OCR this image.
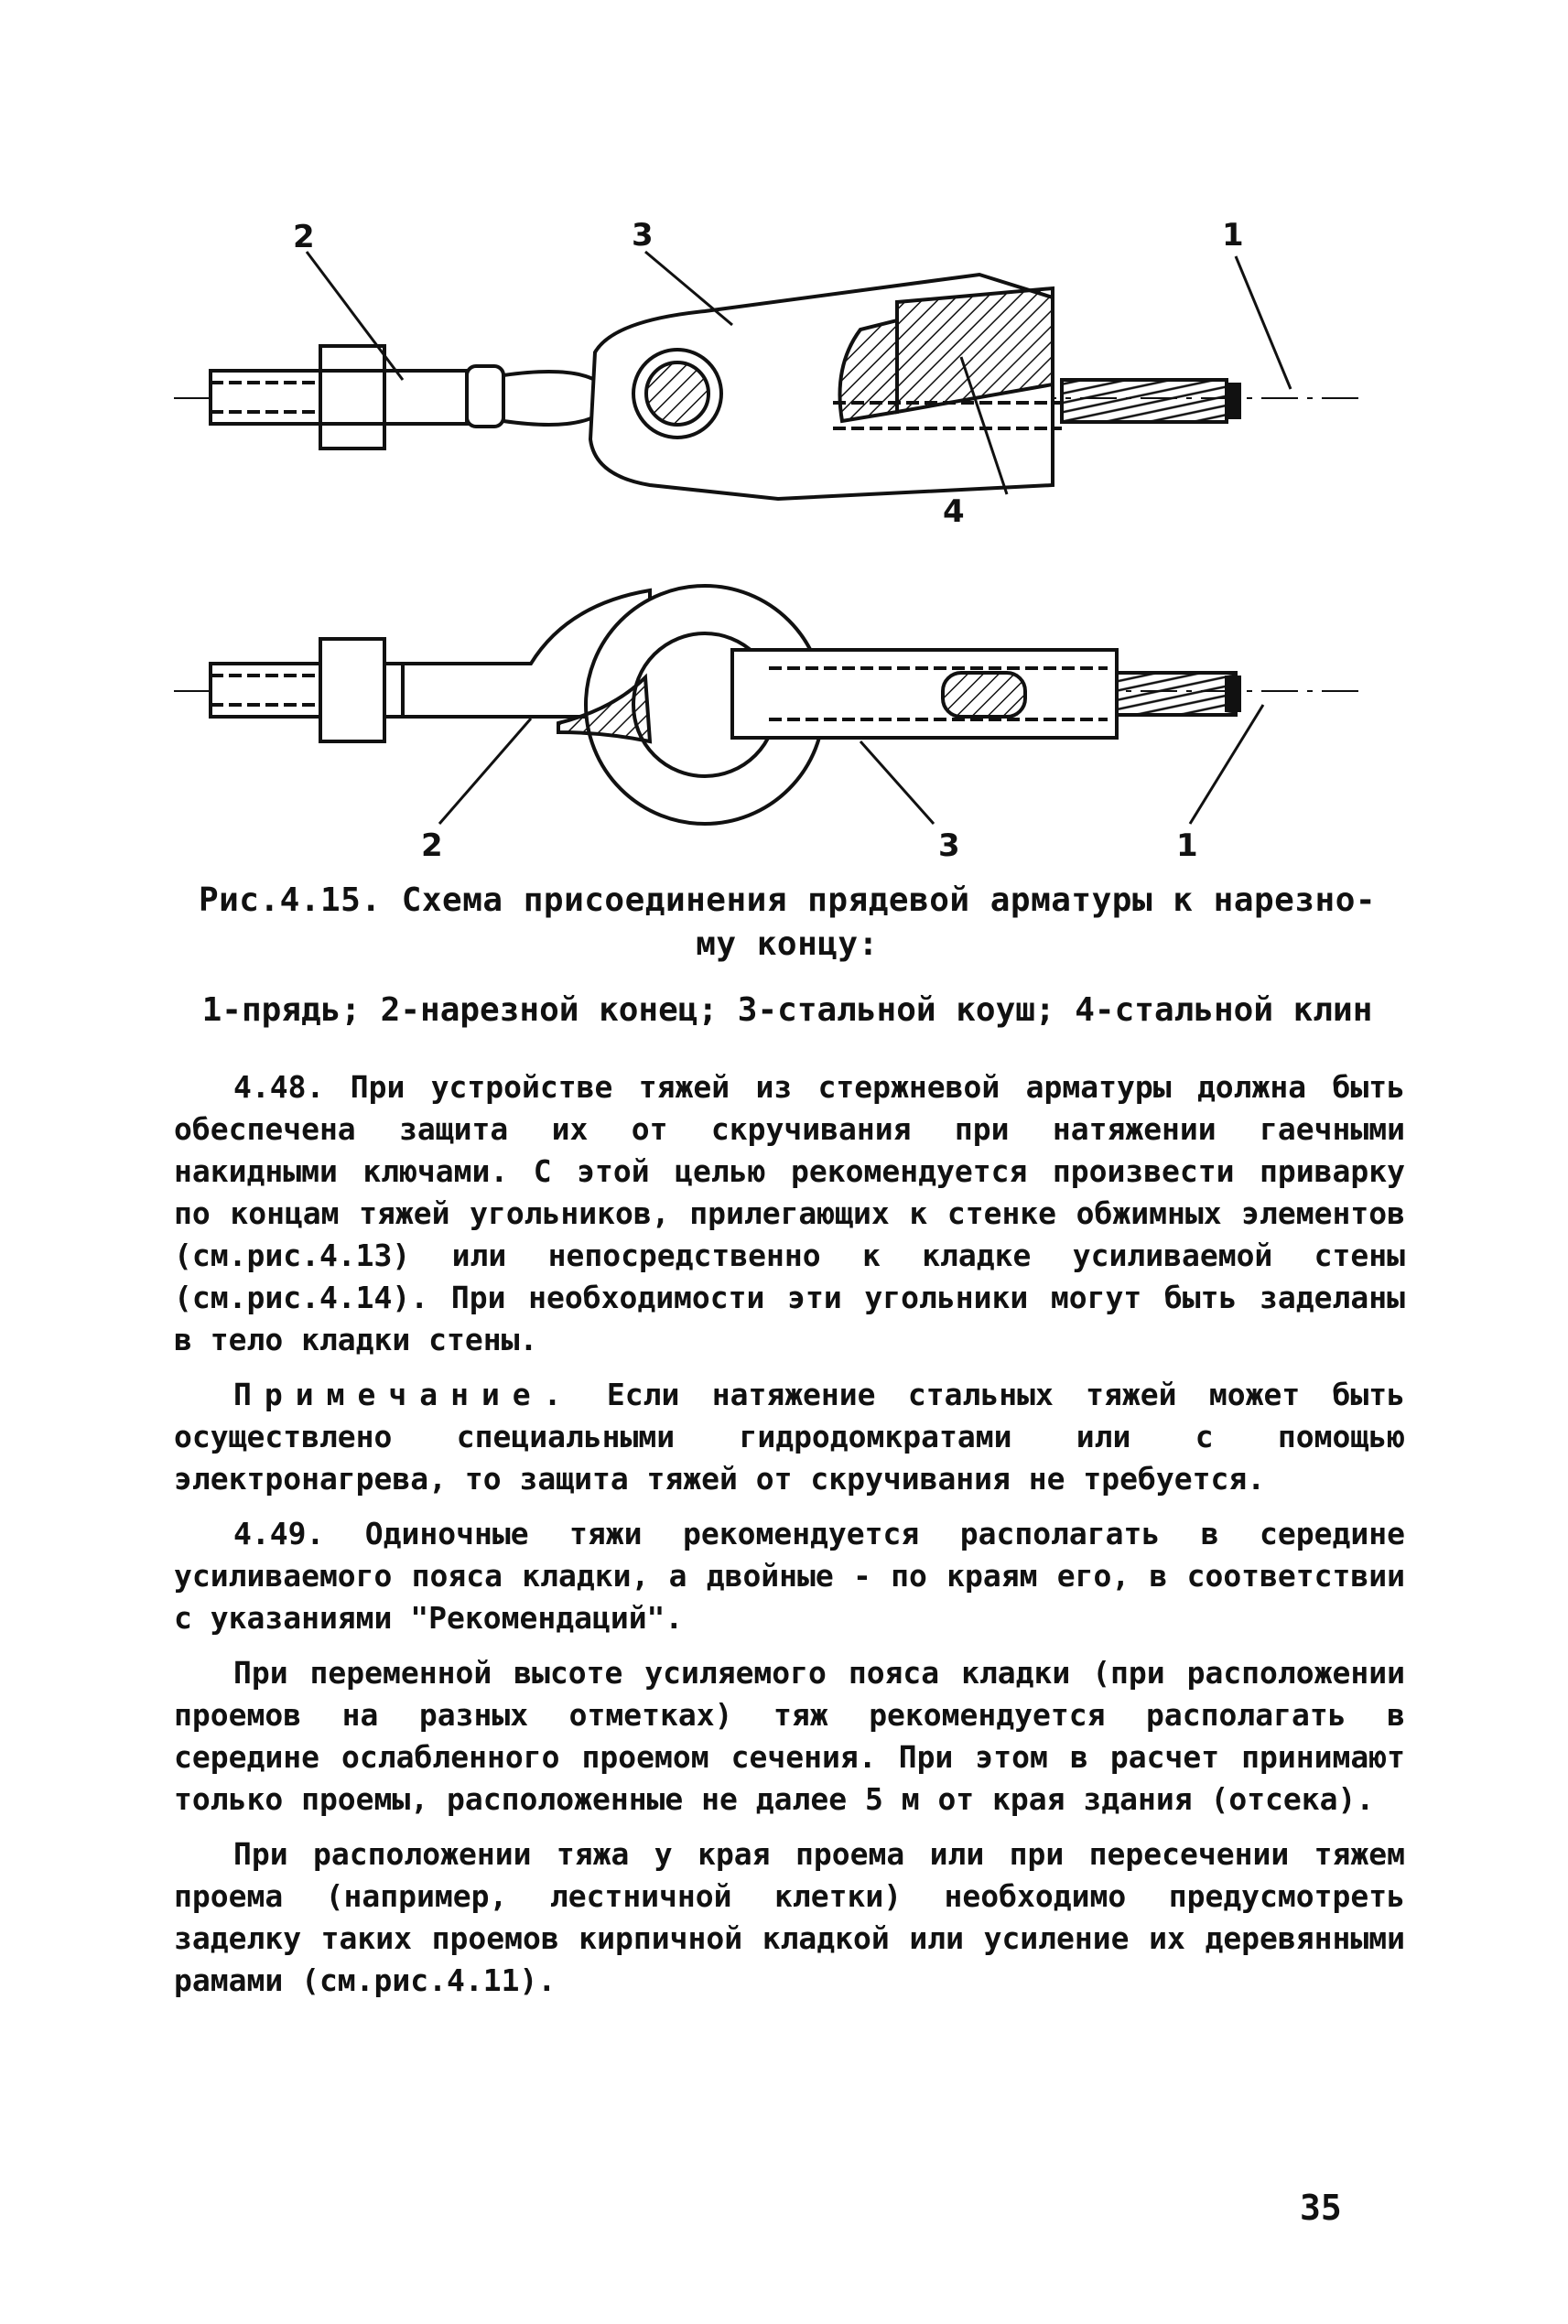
2	3	1
4
2	3	1
Рис.4.15. Схема присоединения прядевой арматуры к нарезно-
му концу:
1-прядь; 2-нарезной конец; 3-стальной коуш; 4-стальной клин

4.48. При устройстве тяжей из стержневой арматуры должна быть обеспечена защита их от скручивания при натяжении гаечными накидными ключами. С этой целью рекомендуется произвести приварку по концам тяжей угольников, прилегающих к стенке обжимных элементов (см.рис.4.13) или непосредственно к кладке усиливаемой стены (см.рис.4.14). При необходимости эти угольники могут быть заделаны в тело кладки стены.

Примечание. Если натяжение стальных тяжей может быть осуществлено специальными гидродомкратами или с помощью электронагрева, то защита тяжей от скручивания не требуется.

4.49. Одиночные тяжи рекомендуется располагать в середине усиливаемого пояса кладки, а двойные - по краям его, в соответствии с указаниями "Рекомендаций".

При переменной высоте усиляемого пояса кладки (при расположении проемов на разных отметках) тяж рекомендуется располагать в середине ослабленного проемом сечения. При этом в расчет принимают только проемы, расположенные не далее 5 м от края здания (отсека).

При расположении тяжа у края проема или при пересечении тяжем проема (например, лестничной клетки) необходимо предусмотреть заделку таких проемов кирпичной кладкой или усиление их деревянными рамами (см.рис.4.11).

35
